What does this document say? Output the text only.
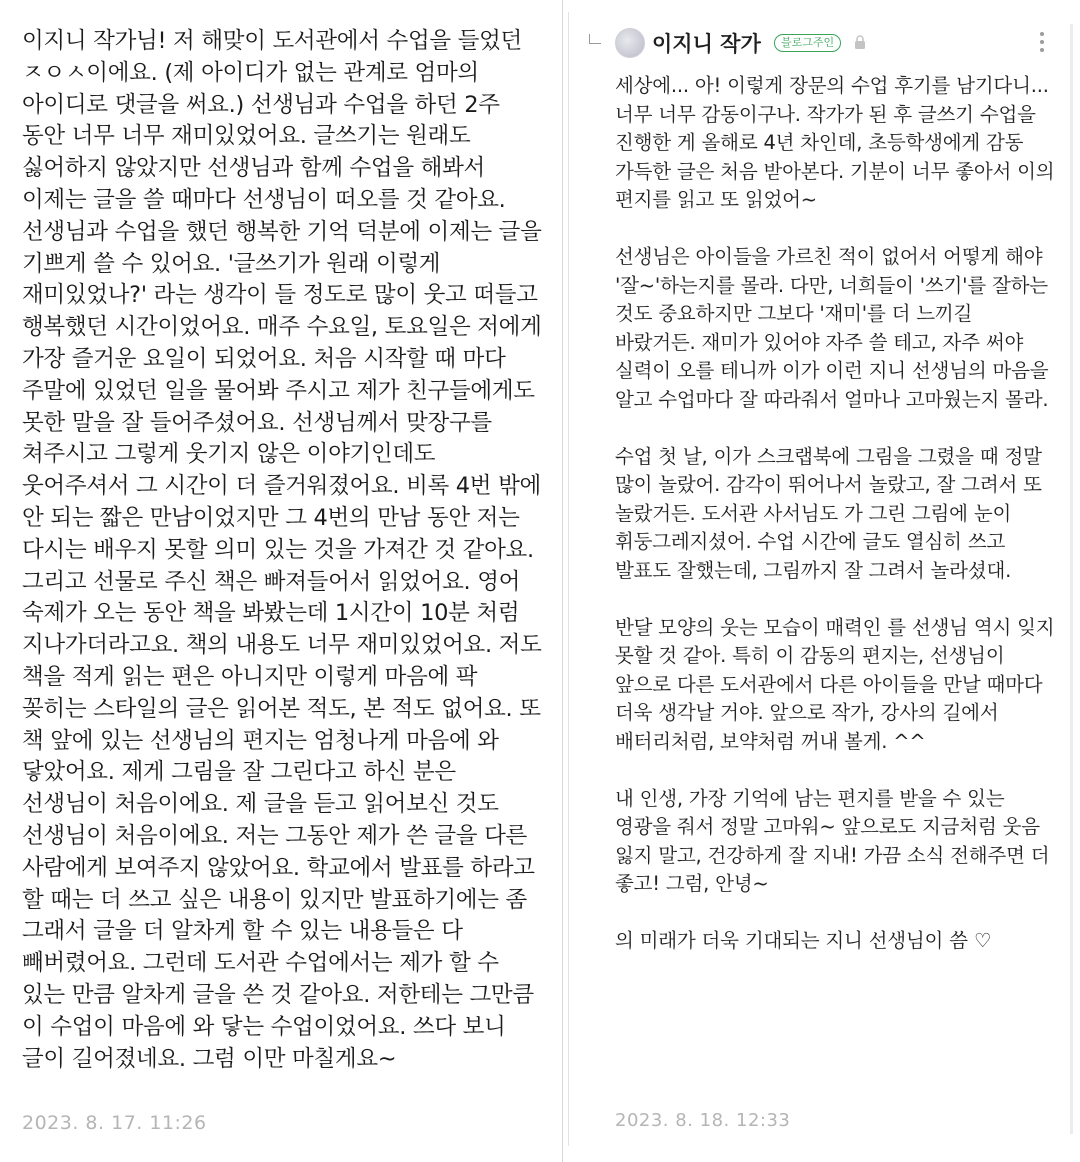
이지니 작가님! 저 해맞이 도서관에서 수업을 들었던 ㅈㅇㅅ이에요. (제 아이디가 없는 관계로 엄마의 아이디로 댓글을 써요.) 선생님과 수업을 하던 2주 동안 너무 너무 재미있었어요. 글쓰기는 원래도 싫어하지 않았지만 선생님과 함께 수업을 해봐서 이제는 글을 쓸 때마다 선생님이 떠오를 것 같아요. 선생님과 수업을 했던 행복한 기억 덕분에 이제는 글을 기쁘게 쓸 수 있어요. '글쓰기가 원래 이렇게 재미있었나?' 라는 생각이 들 정도로 많이 웃고 떠들고 행복했던 시간이었어요. 매주 수요일, 토요일은 저에게 가장 즐거운 요일이 되었어요. 처음 시작할 때 마다 주말에 있었던 일을 물어봐 주시고 제가 친구들에게도 못한 말을 잘 들어주셨어요. 선생님께서 맞장구를 쳐주시고 그렇게 웃기지 않은 이야기인데도 웃어주셔서 그 시간이 더 즐거워졌어요. 비록 4번 밖에 안 되는 짧은 만남이었지만 그 4번의 만남 동안 저는 다시는 배우지 못할 의미 있는 것을 가져간 것 같아요. 그리고 선물로 주신 책은 빠져들어서 읽었어요. 영어 숙제가 오는 동안 책을 봐봤는데 1시간이 10분 처럼 지나가더라고요. 책의 내용도 너무 재미있었어요. 저도 책을 적게 읽는 편은 아니지만 이렇게 마음에 팍 꽂히는 스타일의 글은 읽어본 적도, 본 적도 없어요. 또 책 앞에 있는 선생님의 편지는 엄청나게 마음에 와 닿았어요. 제게 그림을 잘 그린다고 하신 분은 선생님이 처음이에요. 제 글을 듣고 읽어보신 것도 선생님이 처음이에요. 저는 그동안 제가 쓴 글을 다른 사람에게 보여주지 않았어요. 학교에서 발표를 하라고 할 때는 더 쓰고 싶은 내용이 있지만 발표하기에는 좀 그래서 글을 더 알차게 할 수 있는 내용들은 다 빼버렸어요. 그런데 도서관 수업에서는 제가 할 수 있는 만큼 알차게 글을 쓴 것 같아요. 저한테는 그만큼 이 수업이 마음에 와 닿는 수업이었어요. 쓰다 보니 글이 길어졌네요. 그럼 이만 마칠게요~
2023. 8. 17. 11:26
이지니 작가	블로그주인
세상에... 아! 이렇게 장문의 수업 후기를 남기다니... 너무 너무 감동이구나. 작가가 된 후 글쓰기 수업을 진행한 게 올해로 4년 차인데, 초등학생에게 감동 가득한 글은 처음 받아본다. 기분이 너무 좋아서 이의 편지를 읽고 또 읽었어~

선생님은 아이들을 가르친 적이 없어서 어떻게 해야 '잘~'하는지를 몰라. 다만, 너희들이 '쓰기'를 잘하는 것도 중요하지만 그보다 '재미'를 더 느끼길 바랐거든. 재미가 있어야 자주 쓸 테고, 자주 써야 실력이 오를 테니까 이가 이런 지니 선생님의 마음을 알고 수업마다 잘 따라줘서 얼마나 고마웠는지 몰라.

수업 첫 날, 이가 스크랩북에 그림을 그렸을 때 정말 많이 놀랐어. 감각이 뛰어나서 놀랐고, 잘 그려서 또 놀랐거든. 도서관 사서님도 가 그린 그림에 눈이 휘둥그레지셨어. 수업 시간에 글도 열심히 쓰고 발표도 잘했는데, 그림까지 잘 그려서 놀라셨대.

반달 모양의 웃는 모습이 매력인 를 선생님 역시 잊지 못할 것 같아. 특히 이 감동의 편지는, 선생님이 앞으로 다른 도서관에서 다른 아이들을 만날 때마다 더욱 생각날 거야. 앞으로 작가, 강사의 길에서 배터리처럼, 보약처럼 꺼내 볼게. ^^

내 인생, 가장 기억에 남는 편지를 받을 수 있는 영광을 줘서 정말 고마워~ 앞으로도 지금처럼 웃음 잃지 말고, 건강하게 잘 지내! 가끔 소식 전해주면 더 좋고! 그럼, 안녕~

의 미래가 더욱 기대되는 지니 선생님이 씀 ♡
2023. 8. 18. 12:33
